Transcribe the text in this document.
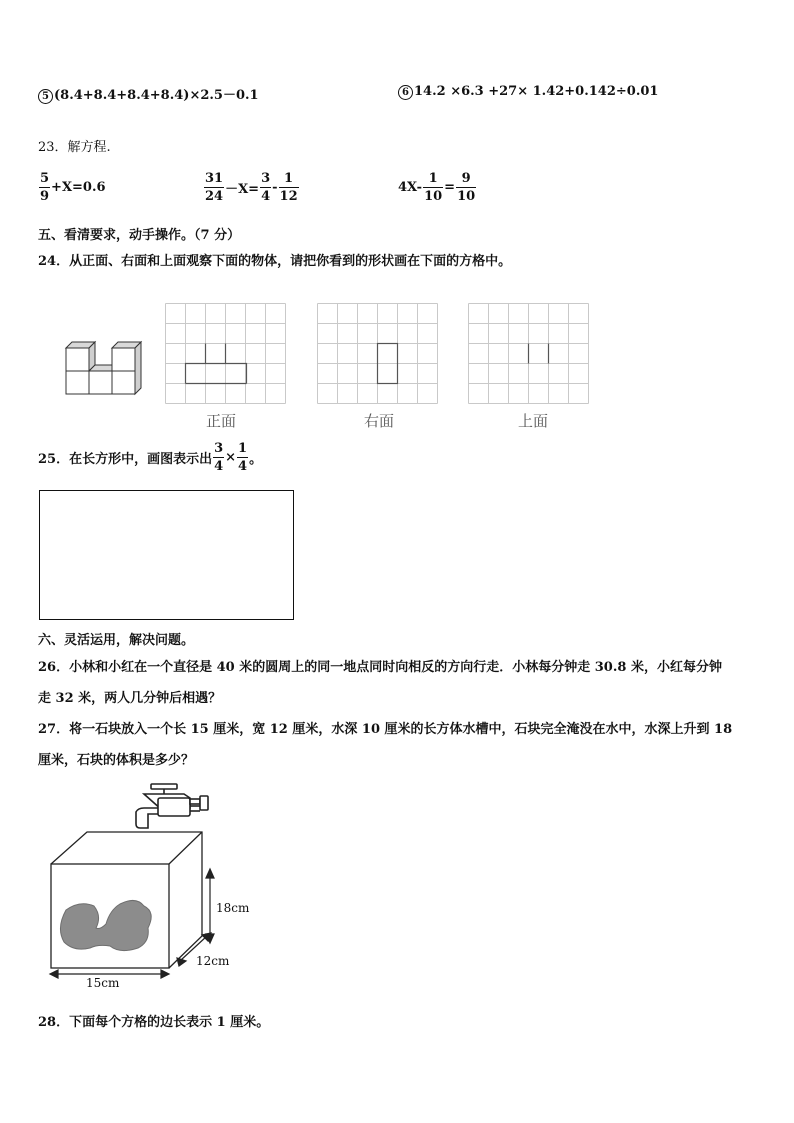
5 (8.4+8.4+8.4+8.4)×2.5－0.1	6 14.2 ×6.3 +27× 1.42+0.142÷0.01
23．解方程.
$\frac{5}{9} +X=0.6$	$\frac{31}{24} -X= \frac{3}{4} - \frac{1}{12}$	$4X- \frac{1}{10} = \frac{9}{10}$
五、看清要求，动手操作。（7 分）
24．从正面、右面和上面观察下面的物体，请把你看到的形状画在下面的方格中。
正面	右面	上面
25．在长方形中，画图表示出 $\frac{3}{4} \times \frac{1}{4}$ 。
六、灵活运用，解决问题。
26．小林和小红在一个直径是 40 米的圆周上的同一地点同时向相反的方向行走．小林每分钟走 30.8 米，小红每分钟
走 32 米，两人几分钟后相遇？
27．将一石块放入一个长 15 厘米，宽 12 厘米，水深 10 厘米的长方体水槽中，石块完全淹没在水中，水深上升到 18
厘米，石块的体积是多少？
18cm
12cm
15cm
28．下面每个方格的边长表示 1 厘米。
